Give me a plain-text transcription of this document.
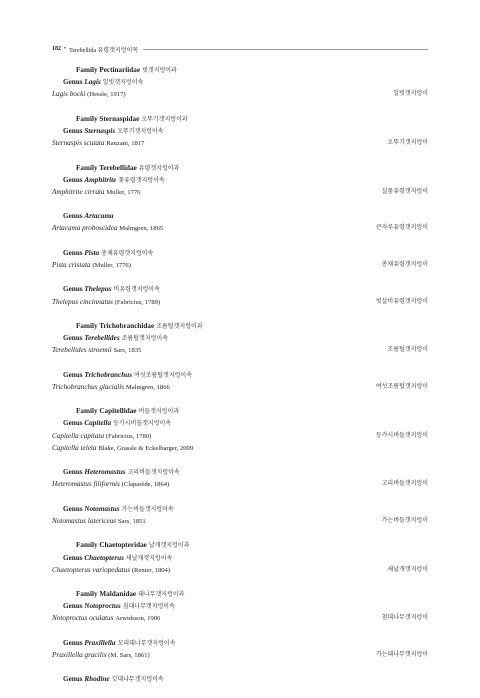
182 • Terebellida 유령갯지렁이목
Family Pectinariidae 빗갯지렁이과
Genus Lagis 일빗갯지렁이속
Lagis bocki (Hessle, 1917)	일빗갯지렁이
Family Sternaspidae 오뚜기갯지렁이과
Genus Sternaspis 오뚜기갯지렁이속
Sternaspis scutata Ranzani, 1817	오뚜기갯지렁이
Family Terebellidae 유령갯지렁이과
Genus Amphitrite 꽃유령갯지렁이속
Amphitrite cirrata Muller, 1776	실꽃유령갯지렁이
Genus Artacama
Artacama proboscidea Malmgren, 1865	큰자루유령갯지렁이
Genus Pista 총채유령갯지렁이속
Pista cristata (Muller, 1776)	총채유령갯지렁이
Genus Thelepus 비유령갯지렁이속
Thelepus cincinnatus (Fabricius, 1780)	빗살비유령갯지렁이
Family Trichobranchidae 조름털갯지렁이과
Genus Terebellides 조름털갯지렁이속
Terebellides stroemii Sars, 1835	조름털갯지렁이
Genus Trichobranchus 여섯조름털갯지렁이속
Trichobranchus glacialis Malmgren, 1866	여섯조름털갯지렁이
Family Capitellidae 버들갯지렁이과
Genus Capitella 등가시버들갯지렁이속
Capitella capitata (Fabricius, 1780)	등가시버들갯지렁이
Capitella teleta Blake, Grassle & Eckelbarger, 2009
Genus Heteromastus 고리버들갯지렁이속
Heteromastus filiformis (Claparède, 1864)	고리버들갯지렁이
Genus Notomastus 가는버들갯지렁이속
Notomastus latericeus Sars, 1851	가는버들갯지렁이
Family Chaetopteridae 날개갯지렁이과
Genus Chaetopterus 새날개갯지렁이속
Chaetopterus variopedatus (Renier, 1804)	새날개갯지렁이
Family Maldanidae 대나무갯지렁이과
Genus Notoproctus 침대나무갯지렁이속
Notoproctus oculatus Arwidsson, 1906	침대나무갯지렁이
Genus Praxillella 꼬리대나무갯지렁이속
Praxillella gracilis (M. Sars, 1861)	가는대나무갯지렁이
Genus Rhodine 깃대나무갯지렁이속
